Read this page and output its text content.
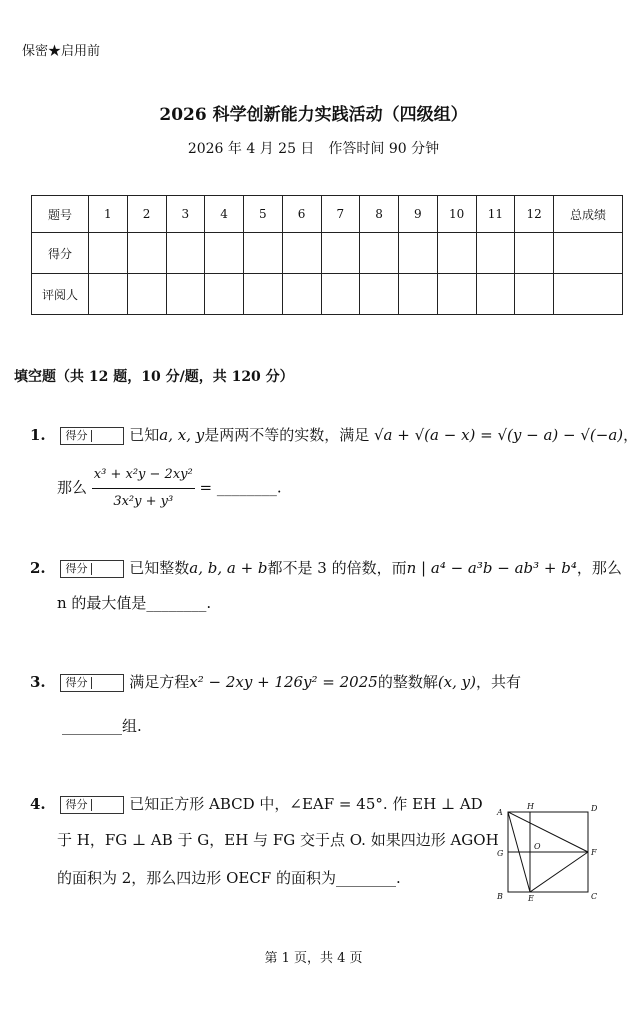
保密★启用前
2026 科学创新能力实践活动（四级组）
2026 年 4 月 25 日　作答时间 90 分钟
题号	1	2	3	4	5	6	7	8	9	10	11	12	总成绩
得分													
评阅人													
填空题（共 12 题，10 分/题，共 120 分）
1. 得分	已知a, x, y是两两不等的实数，满足 √a + √(a − x) = √(y − a) − √(−a)，
那么 $\frac{\text{x³ + x²y − 2xy²}}{\text{3x²y + y³}}$ = ________.
2. 得分	已知整数a, b, a + b都不是 3 的倍数，而n | a⁴ − a³b − ab³ + b⁴，那么
n 的最大值是________.
3. 得分	满足方程x² − 2xy + 126y² = 2025的整数解(x, y)，共有
________组.
4. 得分	已知正方形 ABCD 中，∠EAF = 45°. 作 EH ⊥ AD
于 H，FG ⊥ AB 于 G，EH 与 FG 交于点 O. 如果四边形 AGOH
的面积为 2，那么四边形 OECF 的面积为________.
A
H	D
G
O
F
B	E	C
第 1 页，共 4 页
